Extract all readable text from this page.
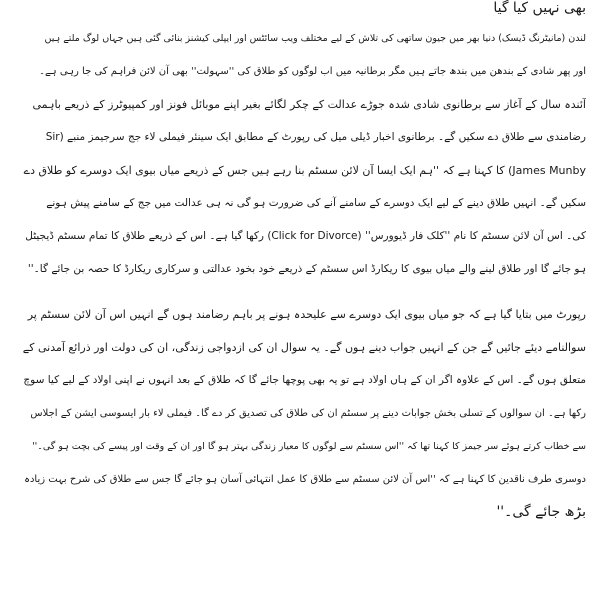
بھی نہیں کیا گیا
لندن (مانیٹرنگ ڈیسک) دنیا بھر میں جیون ساتھی کی تلاش کے لیے مختلف ویب سائٹس اور ایپلی کیشنز بنائی گئی ہیں جہاں لوگ ملتے ہیں
اور پھر شادی کے بندھن میں بندھ جاتے ہیں مگر برطانیہ میں اب لوگوں کو طلاق کی ''سہولت'' بھی آن لائن فراہم کی جا رہی ہے۔
آئندہ سال کے آغاز سے برطانوی شادی شدہ جوڑے عدالت کے چکر لگائے بغیر اپنے موبائل فونز اور کمپیوٹرز کے ذریعے باہمی
رضامندی سے طلاق دے سکیں گے۔ برطانوی اخبار ڈیلی میل کی رپورٹ کے مطابق ایک سینئر فیملی لاء جج سرجیمز منبے (Sir
James Munby) کا کہنا ہے کہ ''ہم ایک ایسا آن لائن سسٹم بنا رہے ہیں جس کے ذریعے میاں بیوی ایک دوسرے کو طلاق دے
سکیں گے۔ انہیں طلاق دینے کے لیے ایک دوسرے کے سامنے آنے کی ضرورت ہو گی نہ ہی عدالت میں جج کے سامنے پیش ہونے
کی۔ اس آن لائن سسٹم کا نام ''کلک فار ڈیوورس'' (Click for Divorce) رکھا گیا ہے۔ اس کے ذریعے طلاق کا تمام سسٹم ڈیجیٹل
ہو جائے گا اور طلاق لینے والے میاں بیوی کا ریکارڈ اس سسٹم کے ذریعے خود بخود عدالتی و سرکاری ریکارڈ کا حصہ بن جائے گا۔''
رپورٹ میں بتایا گیا ہے کہ جو میاں بیوی ایک دوسرے سے علیحدہ ہونے پر باہم رضامند ہوں گے انہیں اس آن لائن سسٹم پر
سوالنامے دیئے جائیں گے جن کے انہیں جواب دینے ہوں گے۔ یہ سوال ان کی ازدواجی زندگی، ان کی دولت اور ذرائع آمدنی کے
متعلق ہوں گے۔ اس کے علاوہ اگر ان کے ہاں اولاد ہے تو یہ بھی پوچھا جائے گا کہ طلاق کے بعد انہوں نے اپنی اولاد کے لیے کیا سوچ
رکھا ہے۔ ان سوالوں کے تسلی بخش جوابات دینے پر سسٹم ان کی طلاق کی تصدیق کر دے گا۔ فیملی لاء بار ایسوسی ایشن کے اجلاس
سے خطاب کرتے ہوئے سر جیمز کا کہنا تھا کہ ''اس سسٹم سے لوگوں کا معیار زندگی بہتر ہو گا اور ان کے وقت اور پیسے کی بچت ہو گی۔''
دوسری طرف ناقدین کا کہنا ہے کہ ''اس آن لائن سسٹم سے طلاق کا عمل انتہائی آسان ہو جائے گا جس سے طلاق کی شرح بہت زیادہ
بڑھ جائے گی۔''
